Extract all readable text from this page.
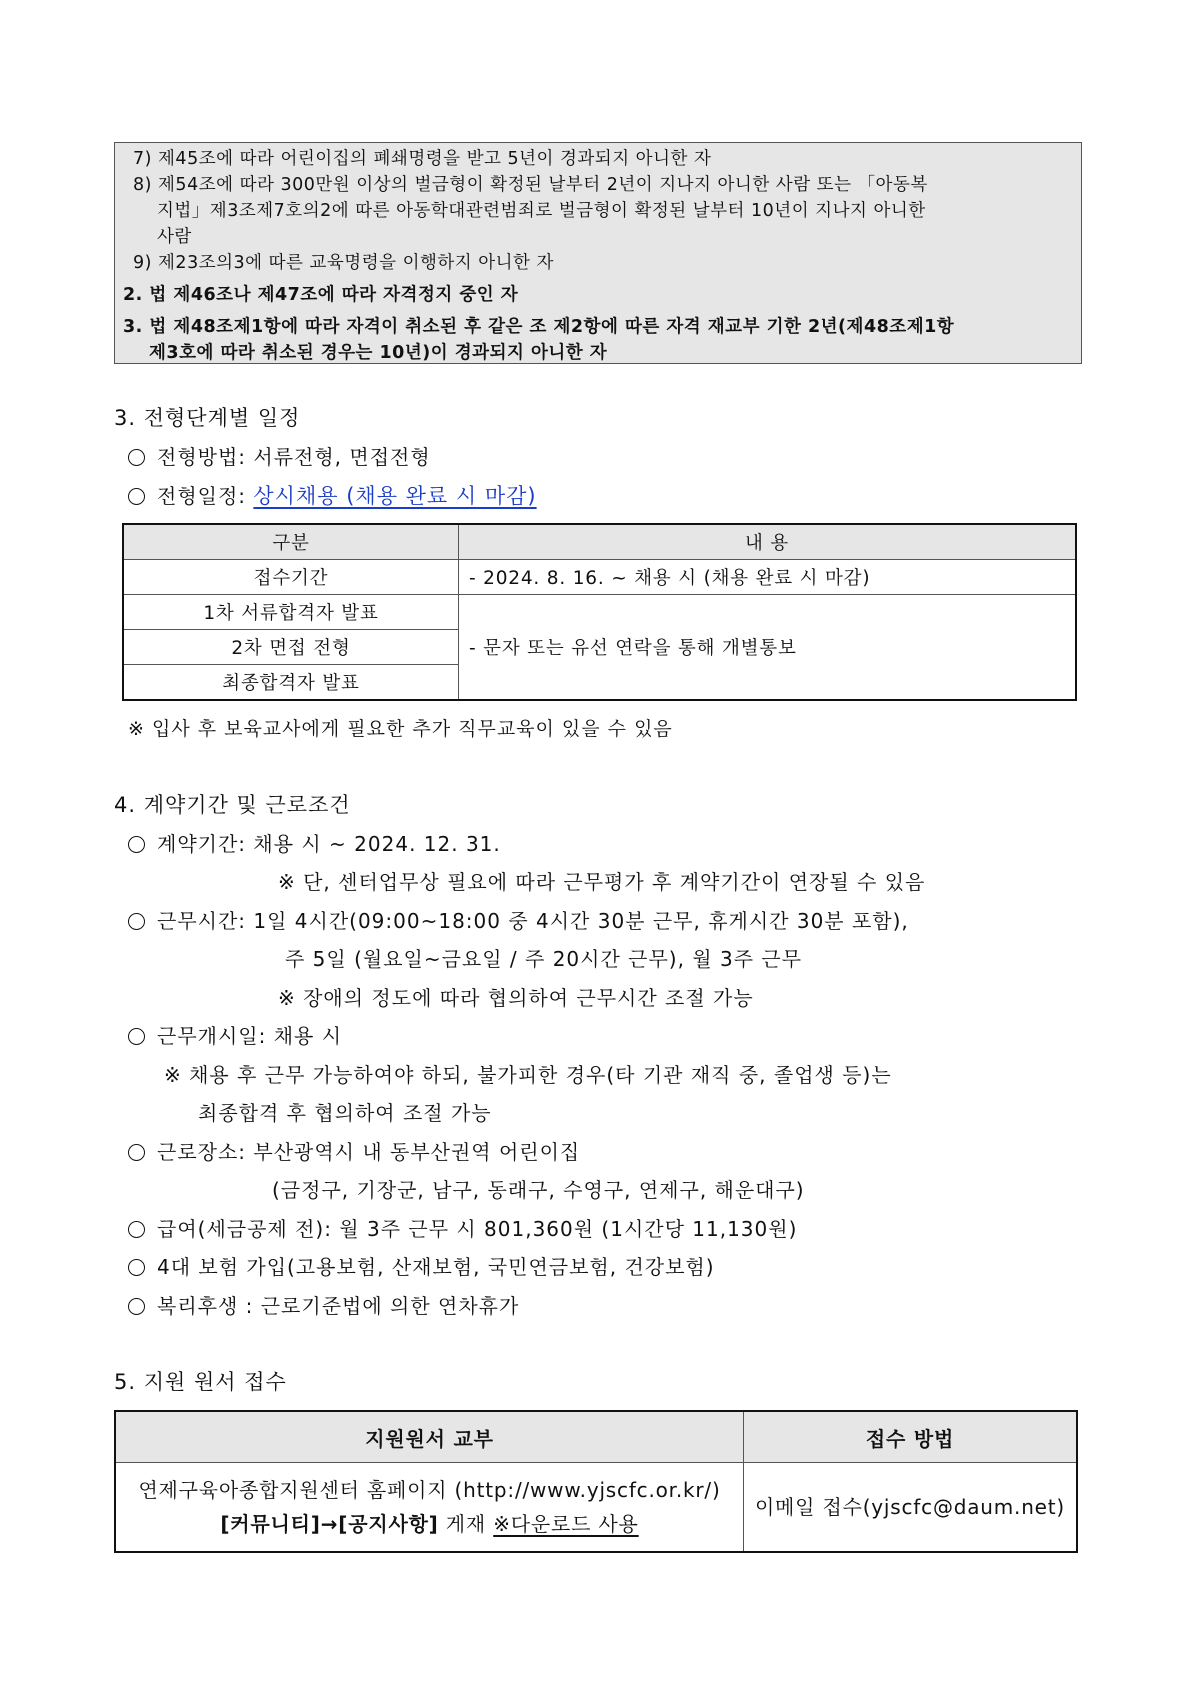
7) 제45조에 따라 어린이집의 폐쇄명령을 받고 5년이 경과되지 아니한 자
8) 제54조에 따라 300만원 이상의 벌금형이 확정된 날부터 2년이 지나지 아니한 사람 또는 「아동복
지법」제3조제7호의2에 따른 아동학대관련범죄로 벌금형이 확정된 날부터 10년이 지나지 아니한
사람
9) 제23조의3에 따른 교육명령을 이행하지 아니한 자
2. 법 제46조나 제47조에 따라 자격정지 중인 자
3. 법 제48조제1항에 따라 자격이 취소된 후 같은 조 제2항에 따른 자격 재교부 기한 2년(제48조제1항
제3호에 따라 취소된 경우는 10년)이 경과되지 아니한 자
3. 전형단계별 일정
전형방법: 서류전형, 면접전형
전형일정: 상시채용 (채용 완료 시 마감)
구분	내 용
접수기간	- 2024. 8. 16. ~ 채용 시 (채용 완료 시 마감)
1차 서류합격자 발표	- 문자 또는 유선 연락을 통해 개별통보
2차 면접 전형	
최종합격자 발표	
※ 입사 후 보육교사에게 필요한 추가 직무교육이 있을 수 있음
4. 계약기간 및 근로조건
계약기간: 채용 시 ~ 2024. 12. 31.
※ 단, 센터업무상 필요에 따라 근무평가 후 계약기간이 연장될 수 있음
근무시간: 1일 4시간(09:00~18:00 중 4시간 30분 근무, 휴게시간 30분 포함),
주 5일 (월요일~금요일 / 주 20시간 근무), 월 3주 근무
※ 장애의 정도에 따라 협의하여 근무시간 조절 가능
근무개시일: 채용 시
※ 채용 후 근무 가능하여야 하되, 불가피한 경우(타 기관 재직 중, 졸업생 등)는
최종합격 후 협의하여 조절 가능
근로장소: 부산광역시 내 동부산권역 어린이집
(금정구, 기장군, 남구, 동래구, 수영구, 연제구, 해운대구)
급여(세금공제 전): 월 3주 근무 시 801,360원 (1시간당 11,130원)
4대 보험 가입(고용보험, 산재보험, 국민연금보험, 건강보험)
복리후생 : 근로기준법에 의한 연차휴가
5. 지원 원서 접수
지원원서 교부	접수 방법

연제구육아종합지원센터 홈페이지 (http://www.yjscfc.or.kr/)
[커뮤니티]→[공지사항] 게재 ※다운로드 사용	이메일 접수(yjscfc@daum.net)
